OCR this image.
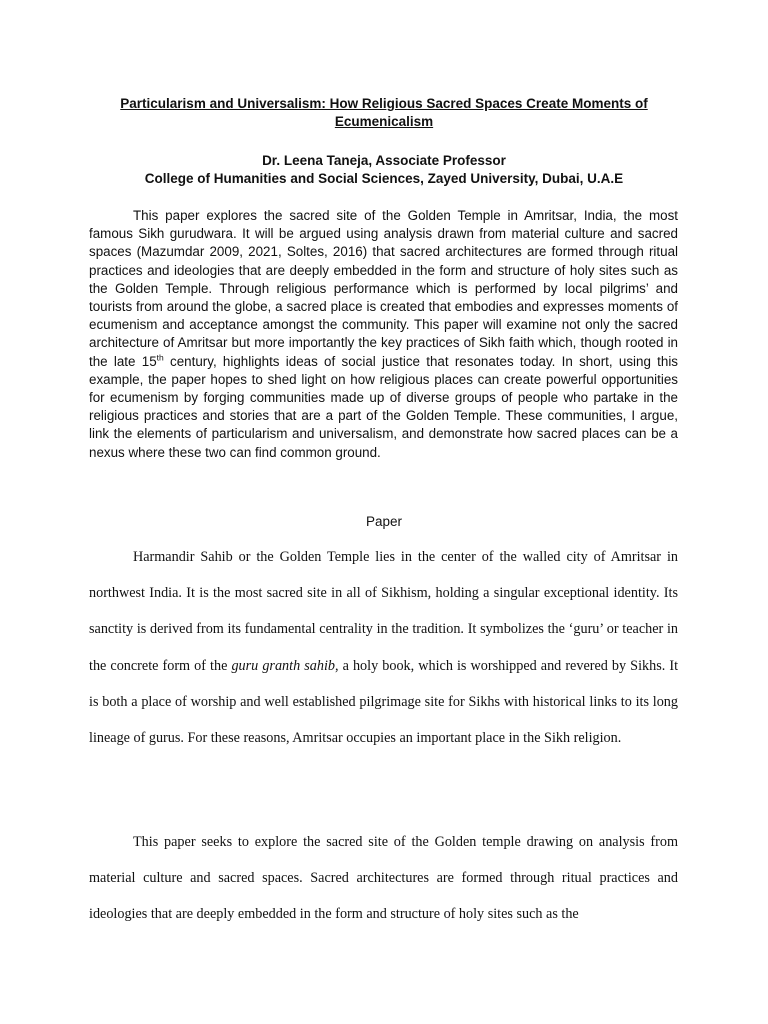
Particularism and Universalism: How Religious Sacred Spaces Create Moments of
Ecumenicalism
Dr. Leena Taneja, Associate Professor
College of Humanities and Social Sciences, Zayed University, Dubai, U.A.E

This paper explores the sacred site of the Golden Temple in Amritsar, India, the most famous Sikh gurudwara. It will be argued using analysis drawn from material culture and sacred spaces (Mazumdar 2009, 2021, Soltes, 2016) that sacred architectures are formed through ritual practices and ideologies that are deeply embedded in the form and structure of holy sites such as the Golden Temple. Through religious performance which is performed by local pilgrims’ and tourists from around the globe, a sacred place is created that embodies and expresses moments of ecumenism and acceptance amongst the community. This paper will examine not only the sacred architecture of Amritsar but more importantly the key practices of Sikh faith which, though rooted in the late 15th century, highlights ideas of social justice that resonates today. In short, using this example, the paper hopes to shed light on how religious places can create powerful opportunities for ecumenism by forging communities made up of diverse groups of people who partake in the religious practices and stories that are a part of the Golden Temple. These communities, I argue, link the elements of particularism and universalism, and demonstrate how sacred places can be a nexus where these two can find common ground.

Paper

Harmandir Sahib or the Golden Temple lies in the center of the walled city of Amritsar in northwest India. It is the most sacred site in all of Sikhism, holding a singular exceptional identity. Its sanctity is derived from its fundamental centrality in the tradition. It symbolizes the ‘guru’ or teacher in the concrete form of the guru granth sahib, a holy book, which is worshipped and revered by Sikhs. It is both a place of worship and well established pilgrimage site for Sikhs with historical links to its long lineage of gurus. For these reasons, Amritsar occupies an important place in the Sikh religion.

This paper seeks to explore the sacred site of the Golden temple drawing on analysis from material culture and sacred spaces. Sacred architectures are formed through ritual practices and ideologies that are deeply embedded in the form and structure of holy sites such as the
